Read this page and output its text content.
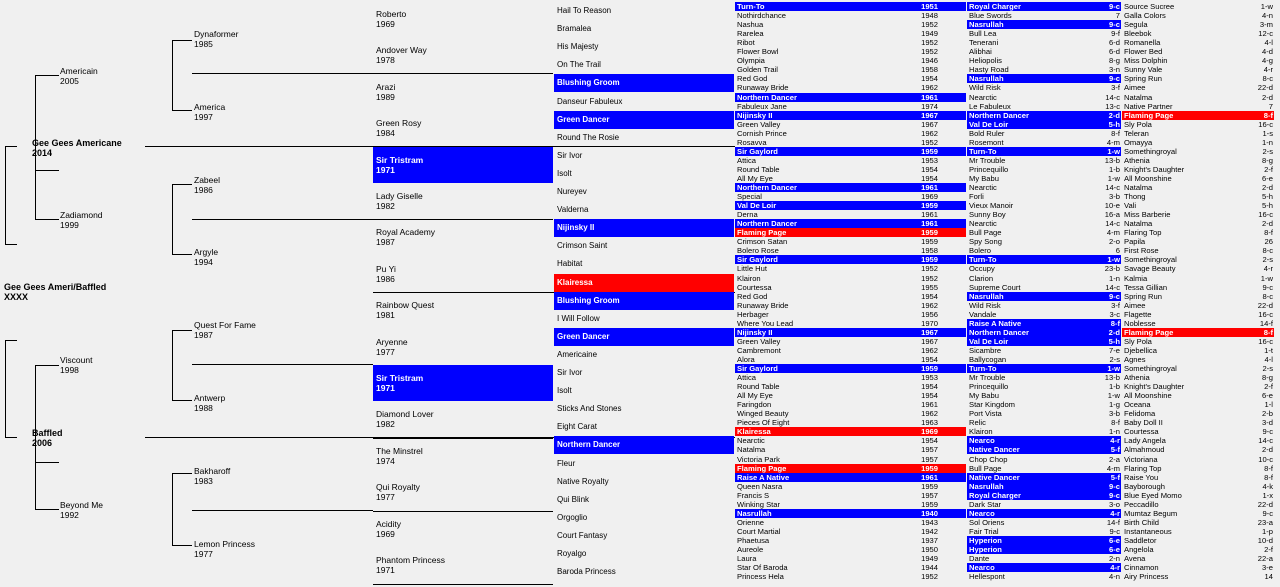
Gee Gees Ameri/Baffled
XXXX
Gee Gees Americane
2014
Baffled
2006
Americain
2005
Zadiamond
1999
Viscount
1998
Beyond Me
1992
Dynaformer
1985
America
1997
Zabeel
1986
Argyle
1994
Quest For Fame
1987
Antwerp
1988
Bakharoff
1983
Lemon Princess
1977
Roberto
1969
Andover Way
1978
Arazi
1989
Green Rosy
1984
Sir Tristram
1971
Lady Giselle
1982
Royal Academy
1987
Pu Yi
1986
Rainbow Quest
1981
Aryenne
1977
Sir Tristram
1971
Diamond Lover
1982
The Minstrel
1974
Qui Royalty
1977
Acidity
1969
Phantom Princess
1971
Hail To Reason
Bramalea
His Majesty
On The Trail
Blushing Groom
Danseur Fabuleux
Green Dancer
Round The Rosie
Sir Ivor
Isolt
Nureyev
Valderna
Nijinsky II
Crimson Saint
Habitat
Klairessa
Blushing Groom
I Will Follow
Green Dancer
Americaine
Sir Ivor
Isolt
Sticks And Stones
Eight Carat
Northern Dancer
Fleur
Native Royalty
Qui Blink
Orgoglio
Court Fantasy
Royalgo
Baroda Princess
Turn-To	1951
Nothirdchance	1948
Nashua	1952
Rarelea	1949
Ribot	1952
Flower Bowl	1952
Olympia	1946
Golden Trail	1958
Red God	1954
Runaway Bride	1962
Northern Dancer	1961
Fabuleux Jane	1974
Nijinsky II	1967
Green Valley	1967
Cornish Prince	1962
Rosavva	1952
Sir Gaylord	1959
Attica	1953
Round Table	1954
All My Eye	1954
Northern Dancer	1961
Special	1969
Val De Loir	1959
Derna	1961
Northern Dancer	1961
Flaming Page	1959
Crimson Satan	1959
Bolero Rose	1958
Sir Gaylord	1959
Little Hut	1952
Klairon	1952
Courtessa	1955
Red God	1954
Runaway Bride	1962
Herbager	1956
Where You Lead	1970
Nijinsky II	1967
Green Valley	1967
Cambremont	1962
Alora	1954
Sir Gaylord	1959
Attica	1953
Round Table	1954
All My Eye	1954
Faringdon	1961
Winged Beauty	1962
Pieces Of Eight	1963
Klairessa	1969
Nearctic	1954
Natalma	1957
Victoria Park	1957
Flaming Page	1959
Raise A Native	1961
Queen Nasra	1959
Francis S	1957
Winking Star	1959
Nasrullah	1940
Orienne	1943
Court Martial	1942
Phaetusa	1937
Aureole	1950
Laura	1949
Star Of Baroda	1944
Princess Hela	1952
Royal Charger	9-c
Blue Swords	7
Nasrullah	9-c
Bull Lea	9-f
Tenerani	6-d
Alibhai	6-d
Heliopolis	8-g
Hasty Road	3-n
Nasrullah	9-c
Wild Risk	3-f
Nearctic	14-c
Le Fabuleux	13-c
Northern Dancer	2-d
Val De Loir	5-h
Bold Ruler	8-f
Rosemont	4-m
Turn-To	1-w
Mr Trouble	13-b
Princequillo	1-b
My Babu	1-w
Nearctic	14-c
Forli	3-b
Vieux Manoir	10-e
Sunny Boy	16-a
Nearctic	14-c
Bull Page	4-m
Spy Song	2-o
Bolero	6
Turn-To	1-w
Occupy	23-b
Clarion	1-n
Supreme Court	14-c
Nasrullah	9-c
Wild Risk	3-f
Vandale	3-c
Raise A Native	8-f
Northern Dancer	2-d
Val De Loir	5-h
Sicambre	7-e
Ballycogan	2-s
Turn-To	1-w
Mr Trouble	13-b
Princequillo	1-b
My Babu	1-w
Star Kingdom	1-g
Port Vista	3-b
Relic	8-f
Klairon	1-n
Nearco	4-r
Native Dancer	5-f
Chop Chop	2-a
Bull Page	4-m
Native Dancer	5-f
Nasrullah	9-c
Royal Charger	9-c
Dark Star	3-o
Nearco	4-r
Sol Oriens	14-f
Fair Trial	9-c
Hyperion	6-e
Hyperion	6-e
Dante	2-n
Nearco	4-r
Hellespont	4-n
Source Sucree	1-w
Galla Colors	4-n
Segula	3-m
Bleebok	12-c
Romanella	4-l
Flower Bed	4-d
Miss Dolphin	4-g
Sunny Vale	4-r
Spring Run	8-c
Aimee	22-d
Natalma	2-d
Native Partner	7
Flaming Page	8-f
Sly Pola	16-c
Teleran	1-s
Omayya	1-n
Somethingroyal	2-s
Athenia	8-g
Knight's Daughter	2-f
All Moonshine	6-e
Natalma	2-d
Thong	5-h
Vali	5-h
Miss Barberie	16-c
Natalma	2-d
Flaring Top	8-f
Papila	26
First Rose	8-c
Somethingroyal	2-s
Savage Beauty	4-r
Kalmia	1-w
Tessa Gillian	9-c
Spring Run	8-c
Aimee	22-d
Flagette	16-c
Noblesse	14-f
Flaming Page	8-f
Sly Pola	16-c
Djebellica	1-t
Agnes	4-l
Somethingroyal	2-s
Athenia	8-g
Knight's Daughter	2-f
All Moonshine	6-e
Oceana	1-l
Felidoma	2-b
Baby Doll II	3-d
Courtessa	9-c
Lady Angela	14-c
Almahmoud	2-d
Victoriana	10-c
Flaring Top	8-f
Raise You	8-f
Bayborough	4-k
Blue Eyed Momo	1-x
Peccadillo	22-d
Mumtaz Begum	9-c
Birth Child	23-a
Instantaneous	1-p
Saddletor	10-d
Angelola	2-f
Avena	22-a
Cinnamon	3-e
Airy Princess	14
